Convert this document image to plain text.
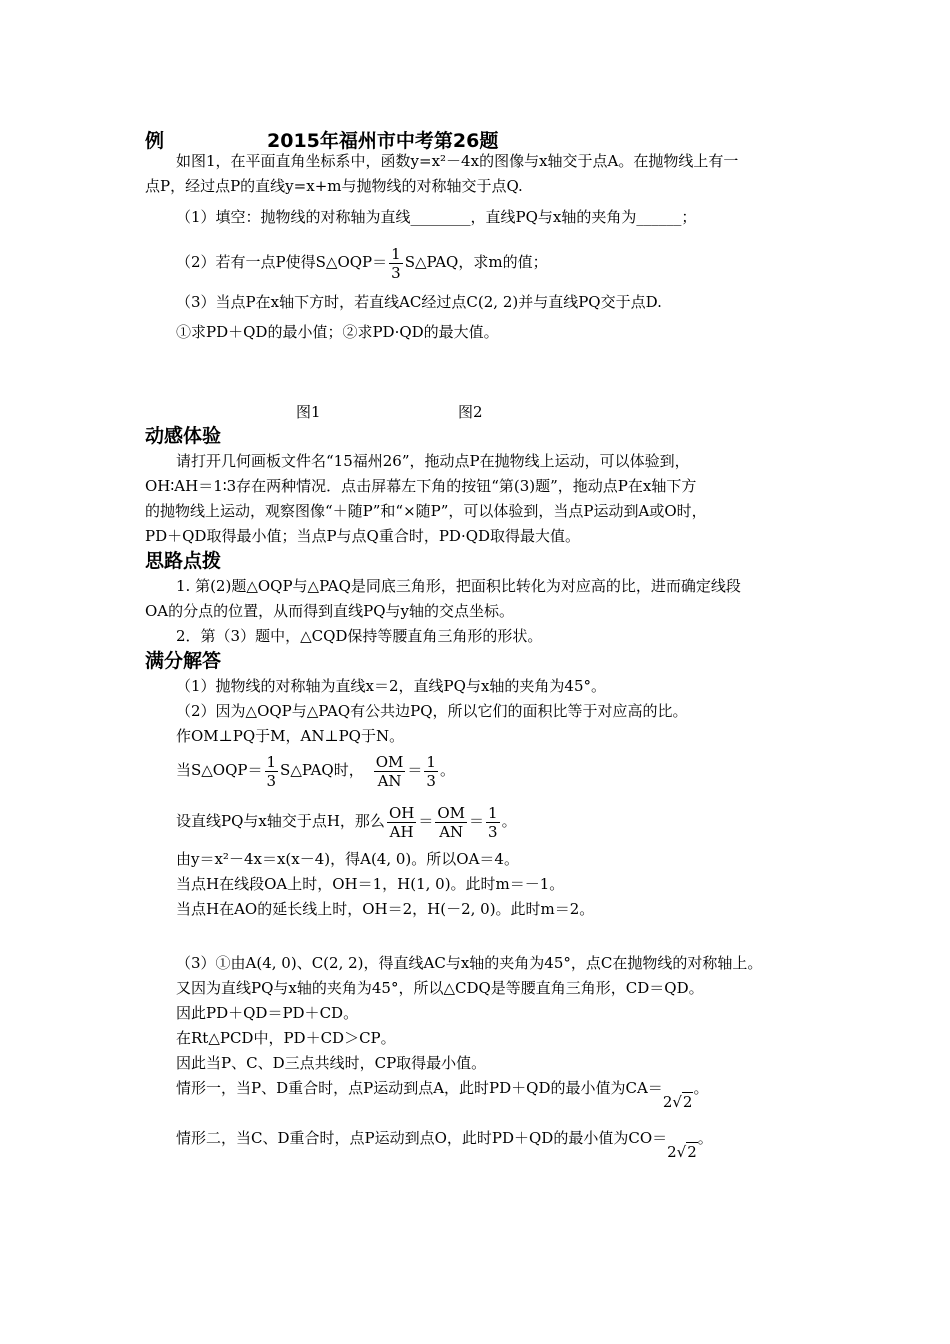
例	2015年福州市中考第26题
如图1，在平面直角坐标系中，函数y=x²－4x的图像与x轴交于点A。在抛物线上有一
点P，经过点P的直线y=x+m与抛物线的对称轴交于点Q.
（1）填空：抛物线的对称轴为直线________，直线PQ与x轴的夹角为______；
（2）若有一点P使得S△OQP＝ $\frac{1}{3}$ S△PAQ，求m的值；
（3）当点P在x轴下方时，若直线AC经过点C(2, 2)并与直线PQ交于点D.
①求PD＋QD的最小值；②求PD·QD的最大值。
图1	图2
动感体验
请打开几何画板文件名“15福州26”，拖动点P在抛物线上运动，可以体验到，
OH∶AH＝1∶3存在两种情况．点击屏幕左下角的按钮“第(3)题”，拖动点P在x轴下方
的抛物线上运动，观察图像“＋随P”和“×随P”，可以体验到，当点P运动到A或O时，
PD＋QD取得最小值；当点P与点Q重合时，PD·QD取得最大值。
思路点拨
1. 第(2)题△OQP与△PAQ是同底三角形，把面积比转化为对应高的比，进而确定线段
OA的分点的位置，从而得到直线PQ与y轴的交点坐标。
2．第（3）题中，△CQD保持等腰直角三角形的形状。
满分解答
（1）抛物线的对称轴为直线x＝2，直线PQ与x轴的夹角为45°。
（2）因为△OQP与△PAQ有公共边PQ，所以它们的面积比等于对应高的比。
作OM⊥PQ于M，AN⊥PQ于N。
当S△OQP＝ $\frac{1}{3}$ S△PAQ时， $\frac{OM}{AN} = \frac{1}{3}$ 。
设直线PQ与x轴交于点H，那么 $\frac{OH}{AH} = \frac{OM}{AN} = \frac{1}{3}$ 。
由y＝x²－4x＝x(x－4)，得A(4, 0)。所以OA＝4。
当点H在线段OA上时，OH＝1，H(1, 0)。此时m＝－1。
当点H在AO的延长线上时，OH＝2，H(－2, 0)。此时m＝2。
（3）①由A(4, 0)、C(2, 2)，得直线AC与x轴的夹角为45°，点C在抛物线的对称轴上。
又因为直线PQ与x轴的夹角为45°，所以△CDQ是等腰直角三角形，CD＝QD。
因此PD＋QD＝PD＋CD。
在Rt△PCD中，PD＋CD＞CP。
因此当P、C、D三点共线时，CP取得最小值。
情形一，当P、D重合时，点P运动到点A，此时PD＋QD的最小值为CA＝2√2。
情形二，当C、D重合时，点P运动到点O，此时PD＋QD的最小值为CO＝2√2。
